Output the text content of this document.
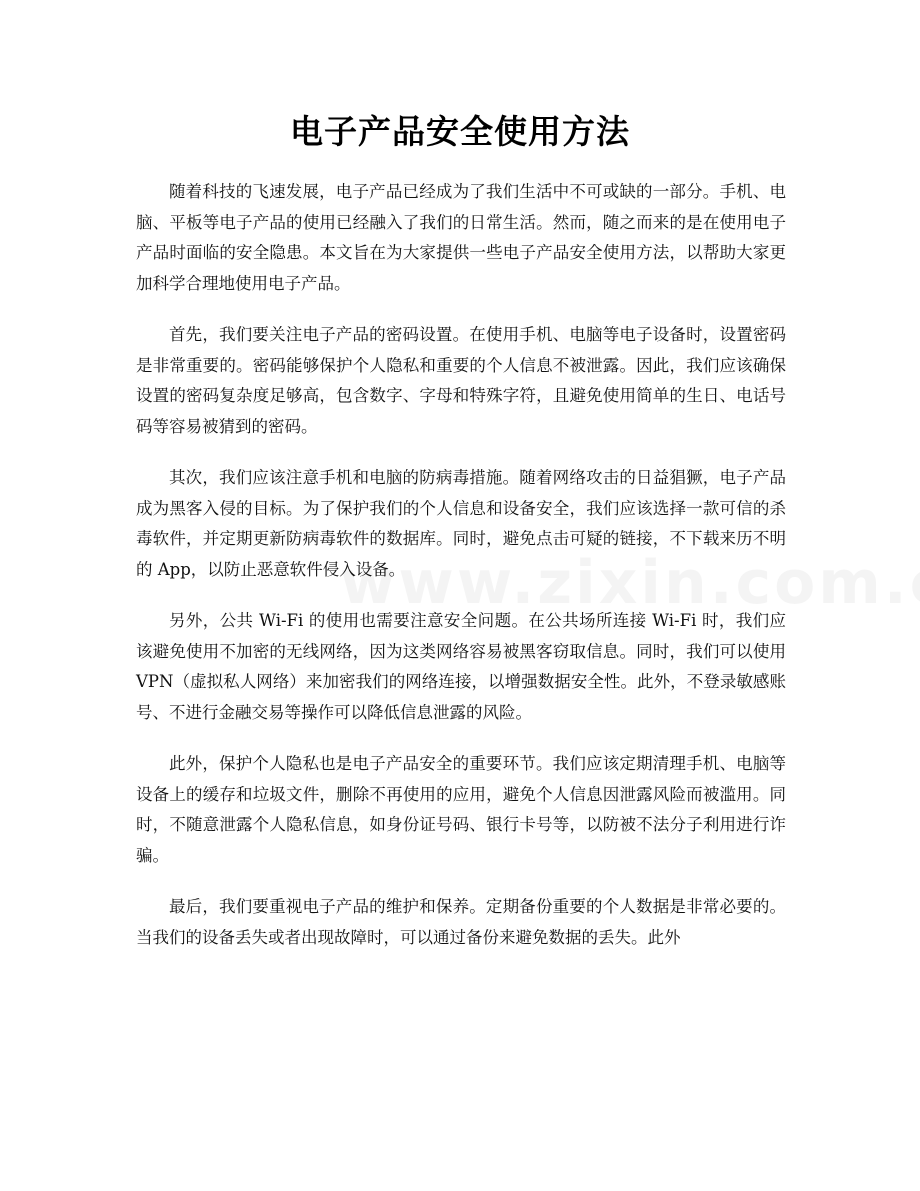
电子产品安全使用方法

随着科技的飞速发展，电子产品已经成为了我们生活中不可或缺的一部分。手机、电脑、平板等电子产品的使用已经融入了我们的日常生活。然而，随之而来的是在使用电子产品时面临的安全隐患。本文旨在为大家提供一些电子产品安全使用方法，以帮助大家更加科学合理地使用电子产品。

首先，我们要关注电子产品的密码设置。在使用手机、电脑等电子设备时，设置密码是非常重要的。密码能够保护个人隐私和重要的个人信息不被泄露。因此，我们应该确保设置的密码复杂度足够高，包含数字、字母和特殊字符，且避免使用简单的生日、电话号码等容易被猜到的密码。

其次，我们应该注意手机和电脑的防病毒措施。随着网络攻击的日益猖獗，电子产品成为黑客入侵的目标。为了保护我们的个人信息和设备安全，我们应该选择一款可信的杀毒软件，并定期更新防病毒软件的数据库。同时，避免点击可疑的链接，不下载来历不明的 App，以防止恶意软件侵入设备。

另外，公共 Wi-Fi 的使用也需要注意安全问题。在公共场所连接 Wi-Fi 时，我们应该避免使用不加密的无线网络，因为这类网络容易被黑客窃取信息。同时，我们可以使用 VPN（虚拟私人网络）来加密我们的网络连接，以增强数据安全性。此外，不登录敏感账号、不进行金融交易等操作可以降低信息泄露的风险。

此外，保护个人隐私也是电子产品安全的重要环节。我们应该定期清理手机、电脑等设备上的缓存和垃圾文件，删除不再使用的应用，避免个人信息因泄露风险而被滥用。同时，不随意泄露个人隐私信息，如身份证号码、银行卡号等，以防被不法分子利用进行诈骗。

最后，我们要重视电子产品的维护和保养。定期备份重要的个人数据是非常必要的。当我们的设备丢失或者出现故障时，可以通过备份来避免数据的丢失。此外
